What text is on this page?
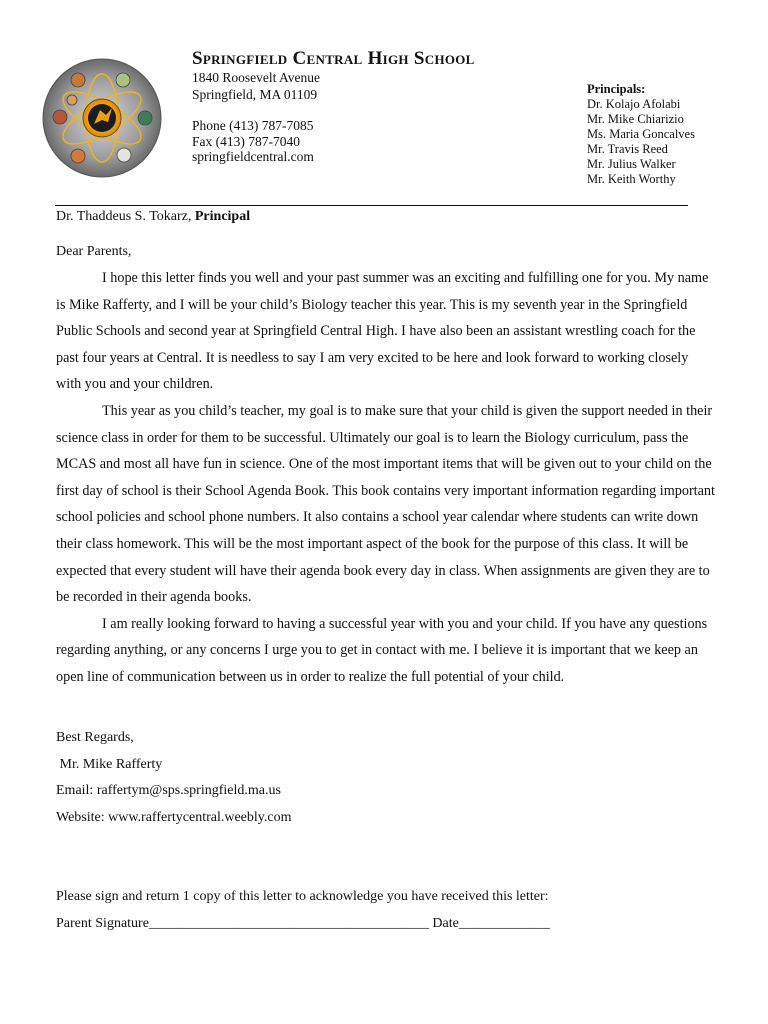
Springfield Central High School
1840 Roosevelt Avenue
Springfield, MA 01109
Phone (413) 787-7085
Fax (413) 787-7040
springfieldcentral.com
Principals:
Dr. Kolajo Afolabi
Mr. Mike Chiarizio
Ms. Maria Goncalves
Mr. Travis Reed
Mr. Julius Walker
Mr. Keith Worthy
Dr. Thaddeus S. Tokarz, Principal
Dear Parents,

I hope this letter finds you well and your past summer was an exciting and fulfilling one for you. My name is Mike Rafferty, and I will be your child’s Biology teacher this year. This is my seventh year in the Springfield Public Schools and second year at Springfield Central High. I have also been an assistant wrestling coach for the past four years at Central. It is needless to say I am very excited to be here and look forward to working closely with you and your children.

This year as you child’s teacher, my goal is to make sure that your child is given the support needed in their science class in order for them to be successful. Ultimately our goal is to learn the Biology curriculum, pass the MCAS and most all have fun in science. One of the most important items that will be given out to your child on the first day of school is their School Agenda Book. This book contains very important information regarding important school policies and school phone numbers. It also contains a school year calendar where students can write down their class homework. This will be the most important aspect of the book for the purpose of this class. It will be expected that every student will have their agenda book every day in class. When assignments are given they are to be recorded in their agenda books.

I am really looking forward to having a successful year with you and your child. If you have any questions regarding anything, or any concerns I urge you to get in contact with me. I believe it is important that we keep an open line of communication between us in order to realize the full potential of your child.

Best Regards,
Mr. Mike Rafferty
Email: raffertym@sps.springfield.ma.us
Website: www.raffertycentral.weebly.com
Please sign and return 1 copy of this letter to acknowledge you have received this letter:
Parent Signature________________________________________ Date_____________
